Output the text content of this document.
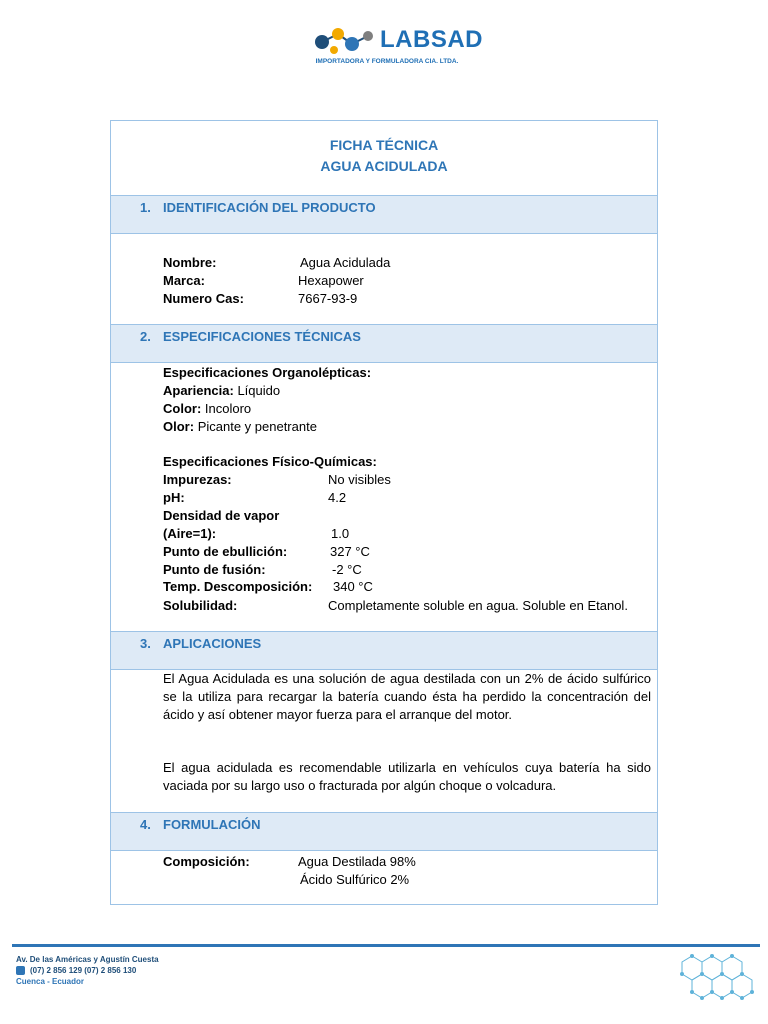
LABSAD
IMPORTADORA Y FORMULADORA CIA. LTDA.
FICHA TÉCNICA
AGUA ACIDULADA
1. IDENTIFICACIÓN DEL PRODUCTO
Nombre:	Agua Acidulada
Marca:	Hexapower
Numero Cas:	7667-93-9
2. ESPECIFICACIONES TÉCNICAS
Especificaciones Organolépticas:
Apariencia: Líquido
Color: Incoloro
Olor: Picante y penetrante
Especificaciones Físico-Químicas:
Impurezas:	No visibles
pH:	4.2
Densidad de vapor
(Aire=1):	1.0
Punto de ebullición:	327 °C
Punto de fusión:	-2 °C
Temp. Descomposición: 340 °C
Solubilidad:	Completamente soluble en agua. Soluble en Etanol.
3. APLICACIONES
El Agua Acidulada es una solución de agua destilada con un 2% de ácido sulfúrico se la utiliza para recargar la batería cuando ésta ha perdido la concentración del ácido y así obtener mayor fuerza para el arranque del motor.
El agua acidulada es recomendable utilizarla en vehículos cuya batería ha sido vaciada por su largo uso o fracturada por algún choque o volcadura.
4. FORMULACIÓN
Composición:	Agua Destilada 98%
Ácido Sulfúrico 2%
Av. De las Américas y Agustín Cuesta
(07) 2 856 129 (07) 2 856 130
Cuenca - Ecuador
